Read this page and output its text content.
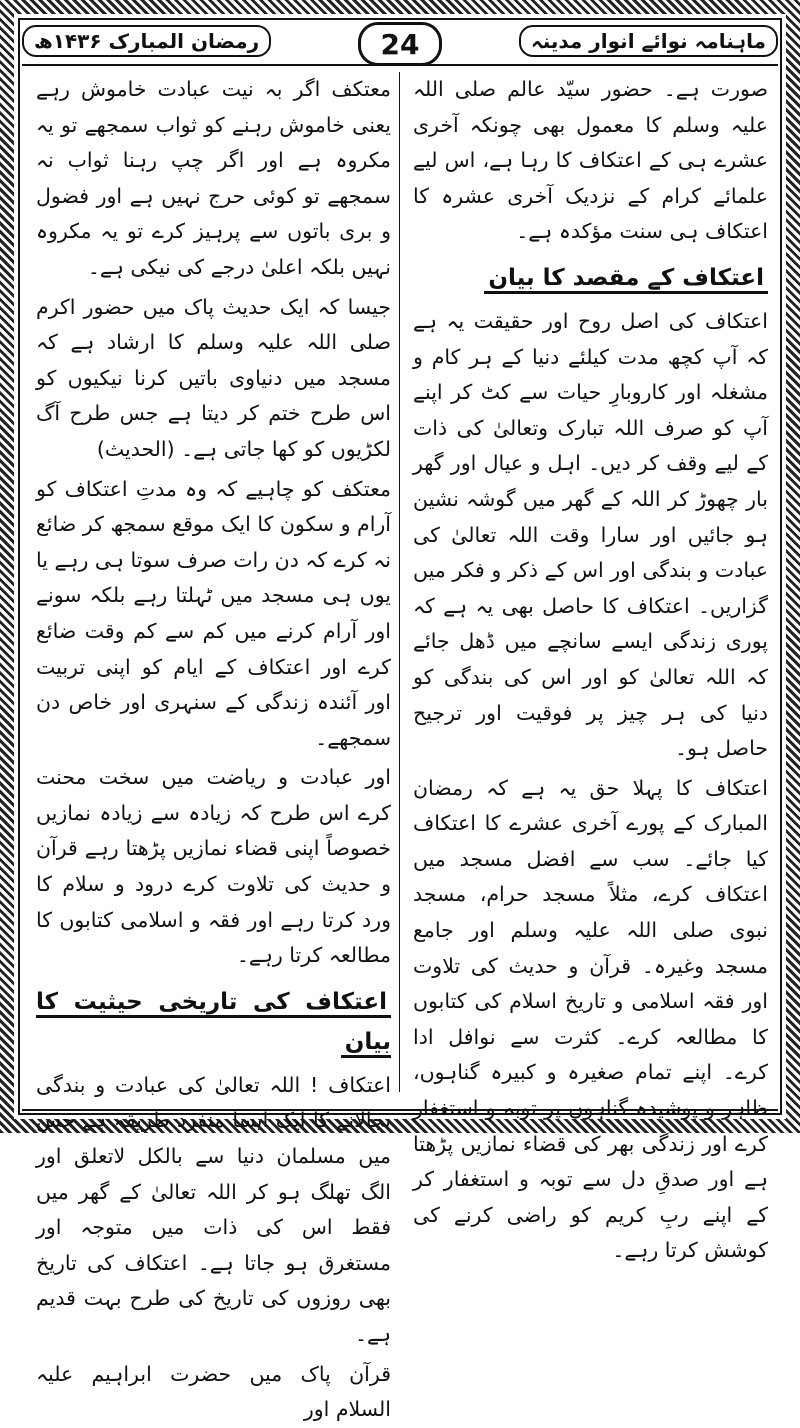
ماہنامہ نوائے انوار مدینہ
رمضان المبارک ۱۴۳۶ھ	24

صورت ہے۔ حضور سیّد عالم صلی اللہ علیہ وسلم کا معمول بھی چونکہ آخری عشرے ہی کے اعتکاف کا رہا ہے، اس لیے علمائے کرام کے نزدیک آخری عشرہ کا اعتکاف ہی سنت مؤکدہ ہے۔

اعتکاف کے مقصد کا بیان

اعتکاف کی اصل روح اور حقیقت یہ ہے کہ آپ کچھ مدت کیلئے دنیا کے ہر کام و مشغلہ اور کاروبارِ حیات سے کٹ کر اپنے آپ کو صرف اللہ تبارک وتعالیٰ کی ذات کے لیے وقف کر دیں۔ اہل و عیال اور گھر بار چھوڑ کر اللہ کے گھر میں گوشہ نشین ہو جائیں اور سارا وقت اللہ تعالیٰ کی عبادت و بندگی اور اس کے ذکر و فکر میں گزاریں۔ اعتکاف کا حاصل بھی یہ ہے کہ پوری زندگی ایسے سانچے میں ڈھل جائے کہ اللہ تعالیٰ کو اور اس کی بندگی کو دنیا کی ہر چیز پر فوقیت اور ترجیح حاصل ہو۔

اعتکاف کا پہلا حق یہ ہے کہ رمضان المبارک کے پورے آخری عشرے کا اعتکاف کیا جائے۔ سب سے افضل مسجد میں اعتکاف کرے، مثلاً مسجد حرام، مسجد نبوی صلی اللہ علیہ وسلم اور جامع مسجد وغیرہ۔ قرآن و حدیث کی تلاوت اور فقہ اسلامی و تاریخ اسلام کی کتابوں کا مطالعہ کرے۔ کثرت سے نوافل ادا کرے۔ اپنے تمام صغیرہ و کبیرہ گناہوں، ظاہر و پوشیدہ گناہوں پر توبہ و استغفار کرے اور زندگی بھر کی قضاء نمازیں پڑھتا ہے اور صدقِ دل سے توبہ و استغفار کر کے اپنے ربِ کریم کو راضی کرنے کی کوشش کرتا رہے۔

معتکف اگر بہ نیت عبادت خاموش رہے یعنی خاموش رہنے کو ثواب سمجھے تو یہ مکروہ ہے اور اگر چپ رہنا ثواب نہ سمجھے تو کوئی حرج نہیں ہے اور فضول و بری باتوں سے پرہیز کرے تو یہ مکروہ نہیں بلکہ اعلیٰ درجے کی نیکی ہے۔

جیسا کہ ایک حدیث پاک میں حضور اکرم صلی اللہ علیہ وسلم کا ارشاد ہے کہ مسجد میں دنیاوی باتیں کرنا نیکیوں کو اس طرح ختم کر دیتا ہے جس طرح آگ لکڑیوں کو کھا جاتی ہے۔ (الحدیث)

معتکف کو چاہیے کہ وہ مدتِ اعتکاف کو آرام و سکون کا ایک موقع سمجھ کر ضائع نہ کرے کہ دن رات صرف سوتا ہی رہے یا یوں ہی مسجد میں ٹہلتا رہے بلکہ سونے اور آرام کرنے میں کم سے کم وقت ضائع کرے اور اعتکاف کے ایام کو اپنی تربیت اور آئندہ زندگی کے سنہری اور خاص دن سمجھے۔

اور عبادت و ریاضت میں سخت محنت کرے اس طرح کہ زیادہ سے زیادہ نمازیں خصوصاً اپنی قضاء نمازیں پڑھتا رہے قرآن و حدیث کی تلاوت کرے درود و سلام کا ورد کرتا رہے اور فقہ و اسلامی کتابوں کا مطالعہ کرتا رہے۔

اعتکاف کی تاریخی حیثیت کا بیان

اعتکاف ! اللہ تعالیٰ کی عبادت و بندگی بجالانے کا ایک ایسا منفرد طریقہ ہے جس میں مسلمان دنیا سے بالکل لاتعلق اور الگ تھلگ ہو کر اللہ تعالیٰ کے گھر میں فقط اس کی ذات میں متوجہ اور مستغرق ہو جاتا ہے۔ اعتکاف کی تاریخ بھی روزوں کی تاریخ کی طرح بہت قدیم ہے۔

قرآن پاک میں حضرت ابراہیم علیہ السلام اور
